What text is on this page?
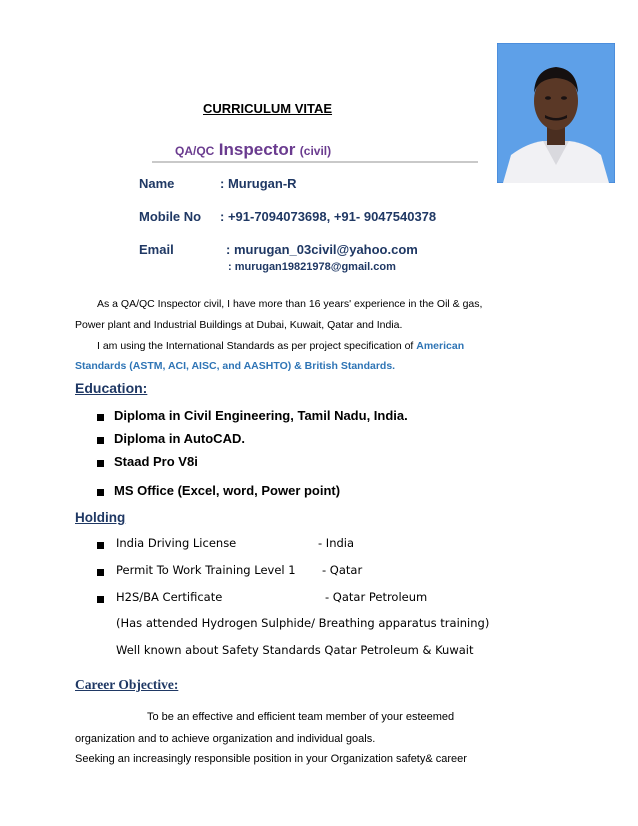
CURRICULUM VITAE
QA/QC Inspector (civil)
Name	: Murugan-R
Mobile No : +91-7094073698, +91- 9047540378
Email	: murugan_03civil@yahoo.com
: murugan19821978@gmail.com
As a QA/QC Inspector civil, I have more than 16 years' experience in the Oil & gas,
Power plant and Industrial Buildings at Dubai, Kuwait, Qatar and India.
I am using the International Standards as per project specification of American
Standards (ASTM, ACI, AISC, and AASHTO) & British Standards.
Education:
Diploma in Civil Engineering, Tamil Nadu, India.
Diploma in AutoCAD.
Staad Pro V8i
MS Office (Excel, word, Power point)
Holding
India Driving License	- India
Permit To Work Training Level 1 - Qatar
H2S/BA Certificate	- Qatar Petroleum
(Has attended Hydrogen Sulphide/ Breathing apparatus training)
Well known about Safety Standards Qatar Petroleum & Kuwait
Career Objective:
To be an effective and efficient team member of your esteemed
organization and to achieve organization and individual goals.
Seeking an increasingly responsible position in your Organization safety& career
